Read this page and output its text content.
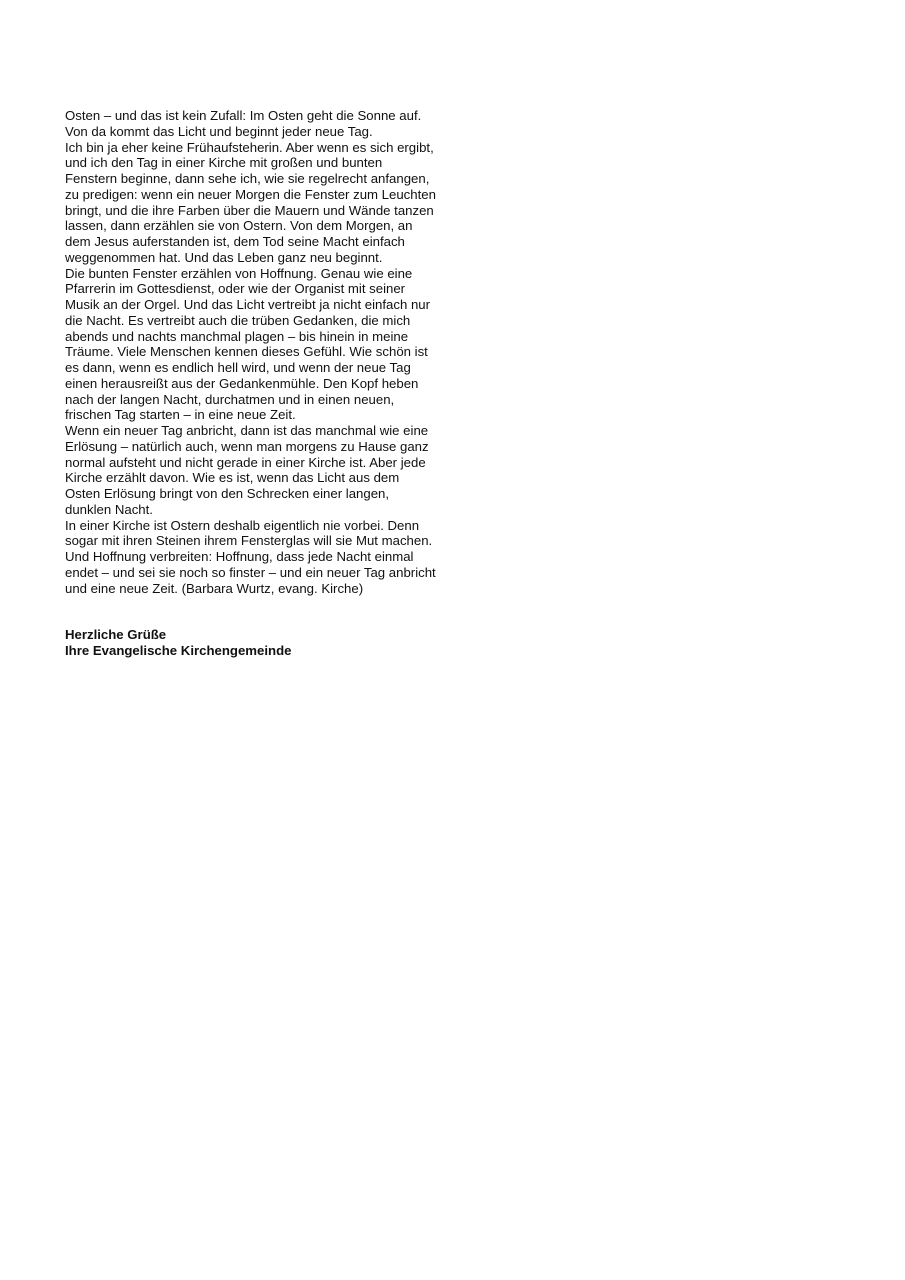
Osten – und das ist kein Zufall: Im Osten geht die Sonne auf.
Von da kommt das Licht und beginnt jeder neue Tag.
Ich bin ja eher keine Frühaufsteherin. Aber wenn es sich ergibt,
und ich den Tag in einer Kirche mit großen und bunten
Fenstern beginne, dann sehe ich, wie sie regelrecht anfangen,
zu predigen: wenn ein neuer Morgen die Fenster zum Leuchten
bringt, und die ihre Farben über die Mauern und Wände tanzen
lassen, dann erzählen sie von Ostern. Von dem Morgen, an
dem Jesus auferstanden ist, dem Tod seine Macht einfach
weggenommen hat. Und das Leben ganz neu beginnt.
Die bunten Fenster erzählen von Hoffnung. Genau wie eine
Pfarrerin im Gottesdienst, oder wie der Organist mit seiner
Musik an der Orgel. Und das Licht vertreibt ja nicht einfach nur
die Nacht. Es vertreibt auch die trüben Gedanken, die mich
abends und nachts manchmal plagen – bis hinein in meine
Träume. Viele Menschen kennen dieses Gefühl. Wie schön ist
es dann, wenn es endlich hell wird, und wenn der neue Tag
einen herausreißt aus der Gedankenmühle. Den Kopf heben
nach der langen Nacht, durchatmen und in einen neuen,
frischen Tag starten – in eine neue Zeit.
Wenn ein neuer Tag anbricht, dann ist das manchmal wie eine
Erlösung – natürlich auch, wenn man morgens zu Hause ganz
normal aufsteht und nicht gerade in einer Kirche ist. Aber jede
Kirche erzählt davon. Wie es ist, wenn das Licht aus dem
Osten Erlösung bringt von den Schrecken einer langen,
dunklen Nacht.
In einer Kirche ist Ostern deshalb eigentlich nie vorbei. Denn
sogar mit ihren Steinen ihrem Fensterglas will sie Mut machen.
Und Hoffnung verbreiten: Hoffnung, dass jede Nacht einmal
endet – und sei sie noch so finster – und ein neuer Tag anbricht
und eine neue Zeit. (Barbara Wurtz, evang. Kirche)
Herzliche Grüße
Ihre Evangelische Kirchengemeinde
